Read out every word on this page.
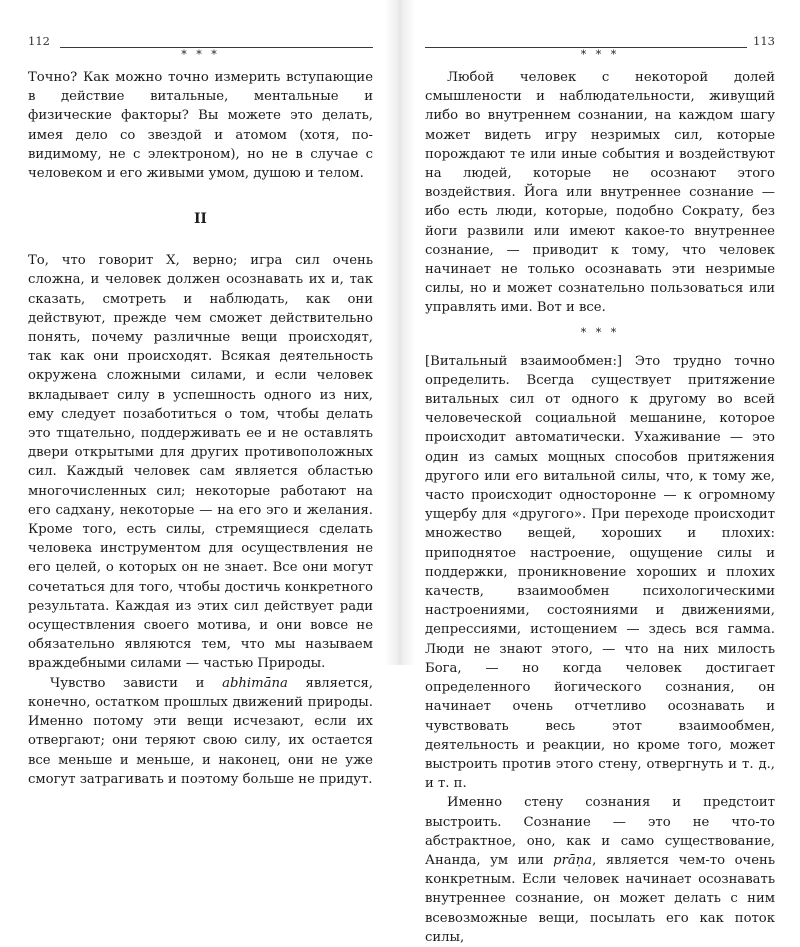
112
* * *

Точно? Как можно точно измерить вступающие в действие витальные, ментальные и физические факторы? Вы можете это делать, имея дело со звездой и атомом (хотя, по-видимому, не с электроном), но не в случае с человеком и его живыми умом, душою и телом.

II

То, что говорит X, верно; игра сил очень сложна, и человек должен осознавать их и, так сказать, смотреть и наблюдать, как они действуют, прежде чем сможет действительно понять, почему различные вещи происходят, так как они происходят. Всякая деятельность окружена сложными силами, и если человек вкладывает силу в успешность одного из них, ему следует позаботиться о том, чтобы делать это тщательно, поддерживать ее и не оставлять двери открытыми для других противоположных сил. Каждый человек сам является областью многочисленных сил; некоторые работают на его садхану, некоторые — на его эго и желания. Кроме того, есть силы, стремящиеся сделать человека инструментом для осуществления не его целей, о которых он не знает. Все они могут сочетаться для того, чтобы достичь конкретного результата. Каждая из этих сил действует ради осуществления своего мотива, и они вовсе не обязательно являются тем, что мы называем враждебными силами — частью Природы.

Чувство зависти и abhimāna является, конечно, остатком прошлых движений природы. Именно потому эти вещи исчезают, если их отвергают; они теряют свою силу, их остается все меньше и меньше, и наконец, они не уже смогут затрагивать и поэтому больше не придут.

113
* * *

Любой человек с некоторой долей смышлености и наблюдательности, живущий либо во внутреннем сознании, на каждом шагу может видеть игру незримых сил, которые порождают те или иные события и воздействуют на людей, которые не осознают этого воздействия. Йога или внутреннее сознание — ибо есть люди, которые, подобно Сократу, без йоги развили или имеют какое-то внутреннее сознание, — приводит к тому, что человек начинает не только осознавать эти незримые силы, но и может сознательно пользоваться или управлять ими. Вот и все.

* * *

[Витальный взаимообмен:] Это трудно точно определить. Всегда существует притяжение витальных сил от одного к другому во всей человеческой социальной мешанине, которое происходит автоматически. Ухаживание — это один из самых мощных способов притяжения другого или его витальной силы, что, к тому же, часто происходит односторонне — к огромному ущербу для «другого». При переходе происходит множество вещей, хороших и плохих: приподнятое настроение, ощущение силы и поддержки, проникновение хороших и плохих качеств, взаимообмен психологическими настроениями, состояниями и движениями, депрессиями, истощением — здесь вся гамма. Люди не знают этого, — что на них милость Бога, — но когда человек достигает определенного йогического сознания, он начинает очень отчетливо осознавать и чувствовать весь этот взаимообмен, деятельность и реакции, но кроме того, может выстроить против этого стену, отвергнуть и т. д., и т. п.

Именно стену сознания и предстоит выстроить. Сознание — это не что-то абстрактное, оно, как и само существование, Ананда, ум или prāṇa, является чем-то очень конкретным. Если человек начинает осознавать внутреннее сознание, он может делать с ним всевозможные вещи, посылать его как поток силы,
